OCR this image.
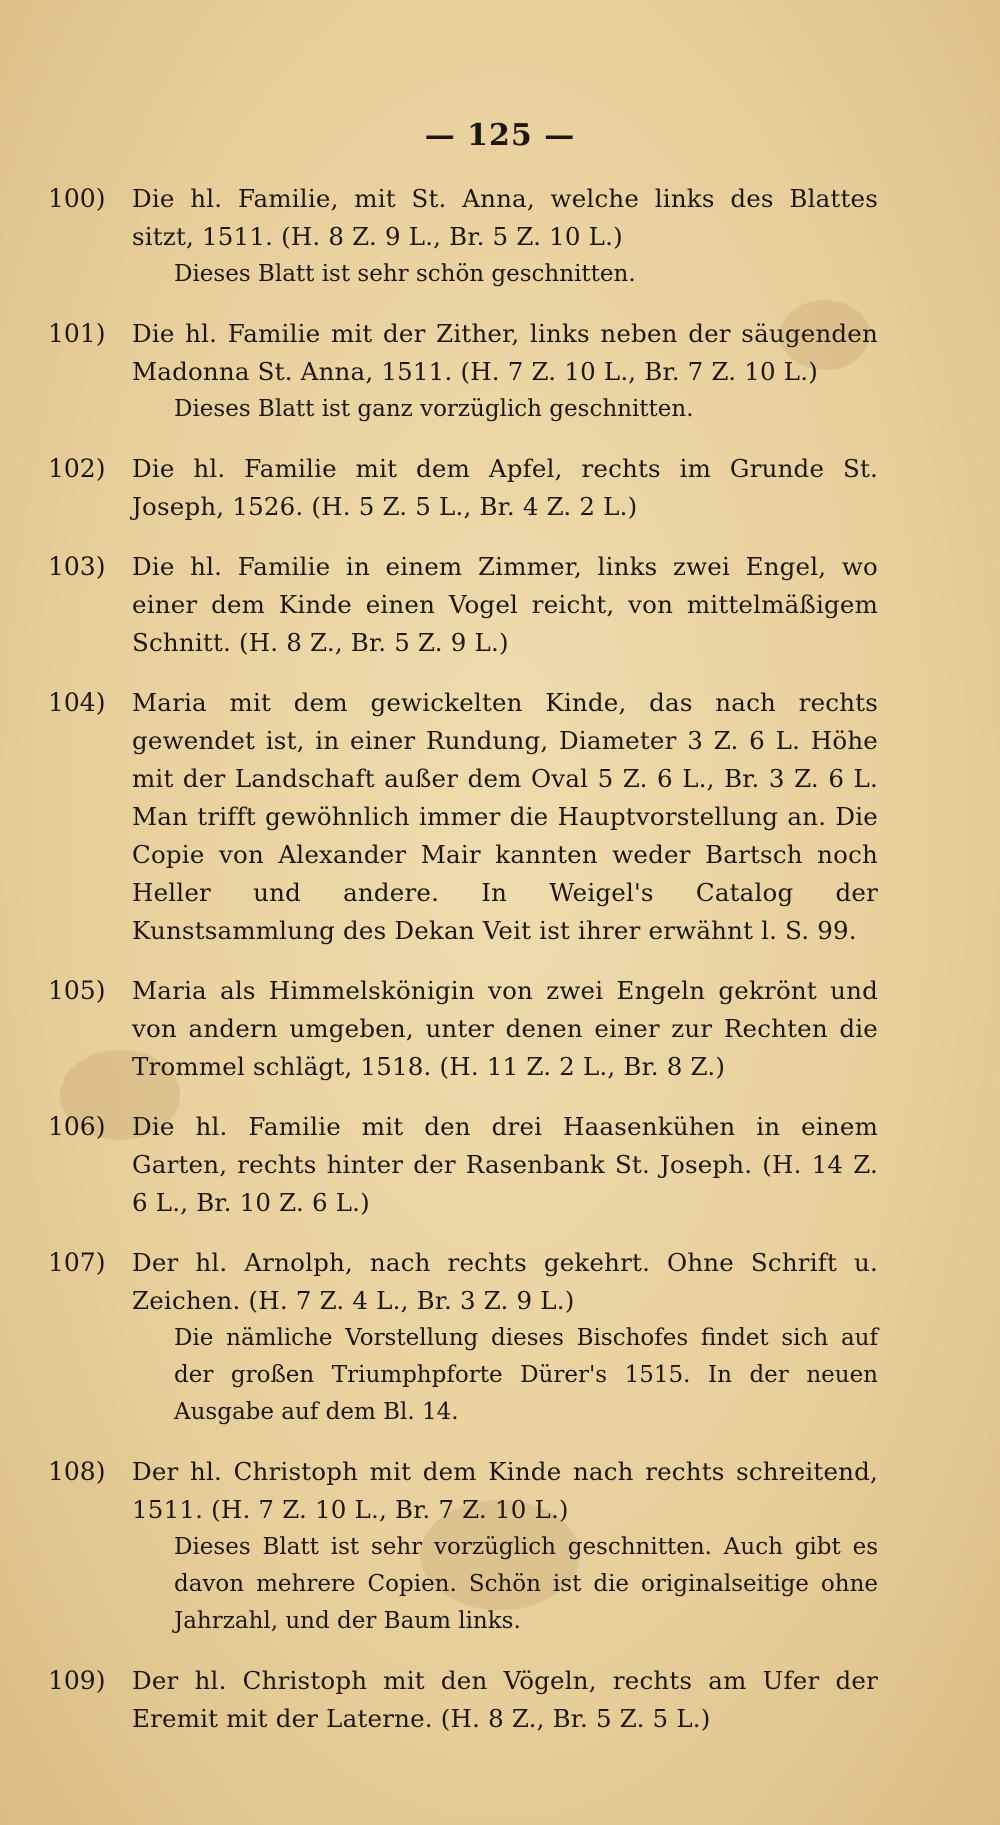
— 125 —
100)	Die hl. Familie, mit St. Anna, welche links des Blattes sitzt, 1511. (H. 8 Z. 9 L., Br. 5 Z. 10 L.)
Dieses Blatt ist sehr schön geschnitten.
101)	Die hl. Familie mit der Zither, links neben der säugenden Madonna St. Anna, 1511. (H. 7 Z. 10 L., Br. 7 Z. 10 L.)
Dieses Blatt ist ganz vorzüglich geschnitten.
102)	Die hl. Familie mit dem Apfel, rechts im Grunde St. Joseph, 1526. (H. 5 Z. 5 L., Br. 4 Z. 2 L.)
103)	Die hl. Familie in einem Zimmer, links zwei Engel, wo einer dem Kinde einen Vogel reicht, von mittelmäßigem Schnitt. (H. 8 Z., Br. 5 Z. 9 L.)
104)	Maria mit dem gewickelten Kinde, das nach rechts gewendet ist, in einer Rundung, Diameter 3 Z. 6 L. Höhe mit der Landschaft außer dem Oval 5 Z. 6 L., Br. 3 Z. 6 L. Man trifft gewöhnlich immer die Hauptvorstellung an. Die Copie von Alexander Mair kannten weder Bartsch noch Heller und andere. In Weigel's Catalog der Kunstsammlung des Dekan Veit ist ihrer erwähnt l. S. 99.
105)	Maria als Himmelskönigin von zwei Engeln gekrönt und von andern umgeben, unter denen einer zur Rechten die Trommel schlägt, 1518. (H. 11 Z. 2 L., Br. 8 Z.)
106)	Die hl. Familie mit den drei Haasenkühen in einem Garten, rechts hinter der Rasenbank St. Joseph. (H. 14 Z. 6 L., Br. 10 Z. 6 L.)
107)	Der hl. Arnolph, nach rechts gekehrt. Ohne Schrift u. Zeichen. (H. 7 Z. 4 L., Br. 3 Z. 9 L.)
Die nämliche Vorstellung dieses Bischofes findet sich auf der großen Triumphpforte Dürer's 1515. In der neuen Ausgabe auf dem Bl. 14.
108)	Der hl. Christoph mit dem Kinde nach rechts schreitend, 1511. (H. 7 Z. 10 L., Br. 7 Z. 10 L.)
Dieses Blatt ist sehr vorzüglich geschnitten. Auch gibt es davon mehrere Copien. Schön ist die originalseitige ohne Jahrzahl, und der Baum links.
109)	Der hl. Christoph mit den Vögeln, rechts am Ufer der Eremit mit der Laterne. (H. 8 Z., Br. 5 Z. 5 L.)
